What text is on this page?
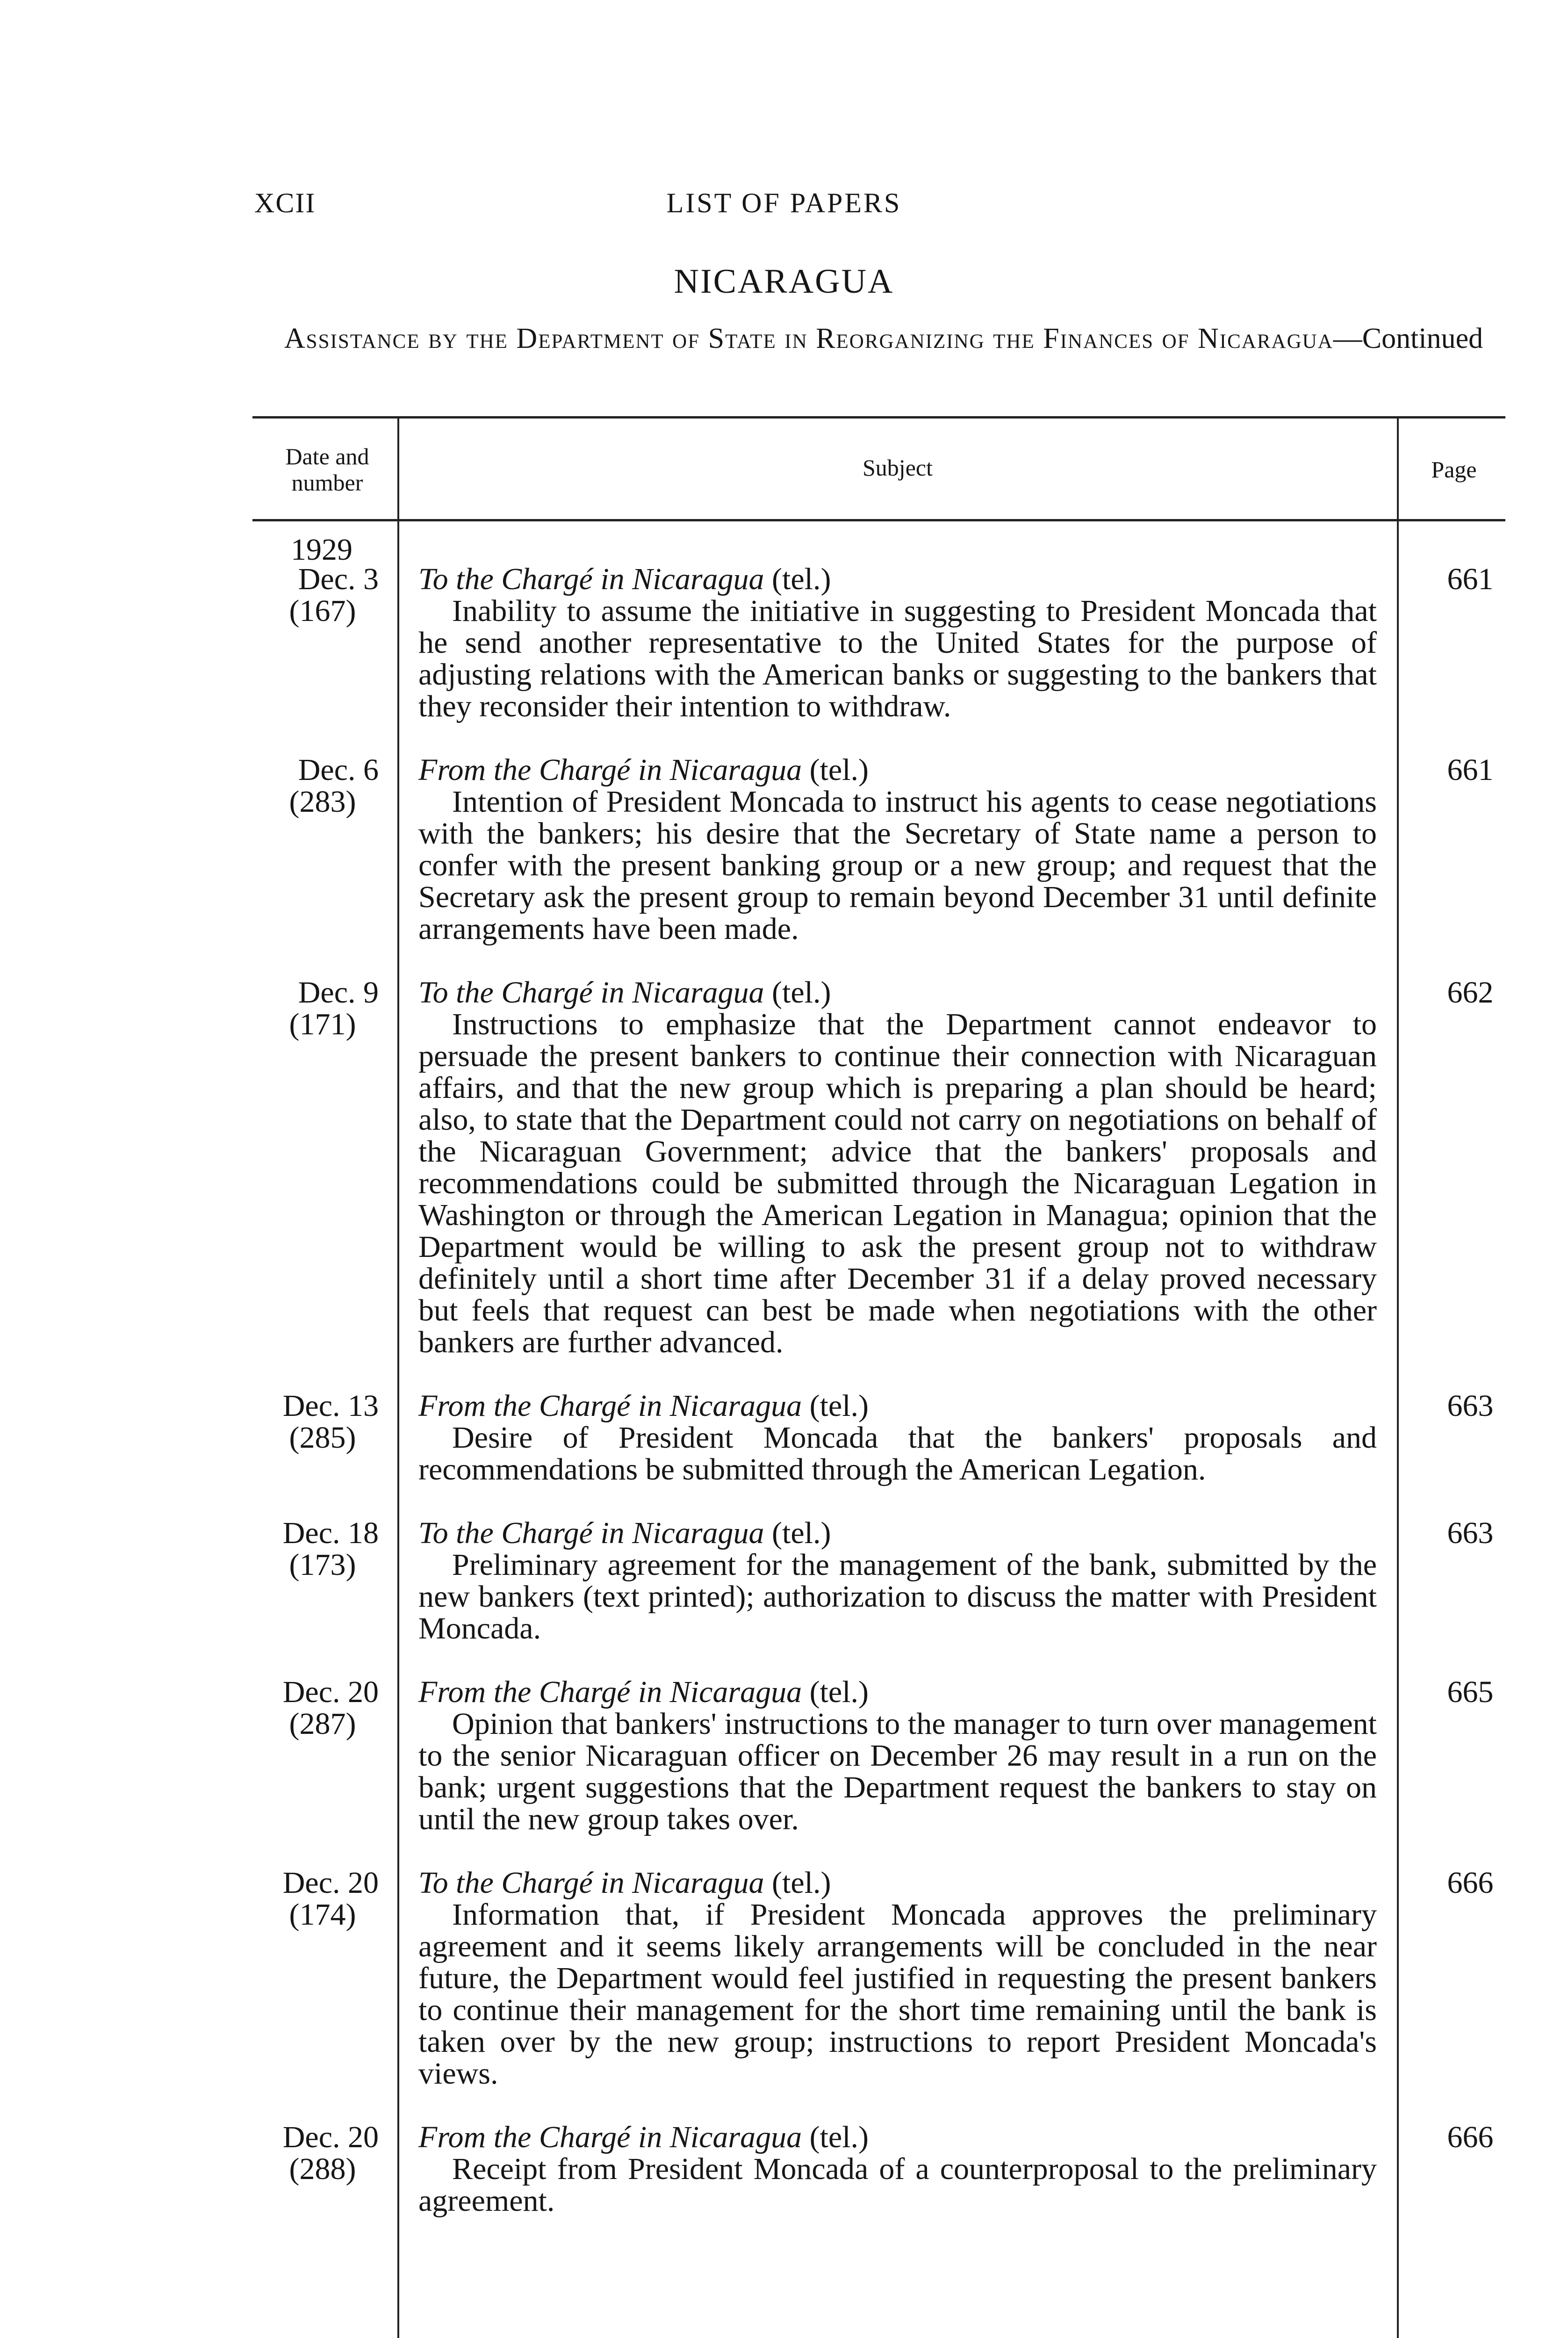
XCII	LIST OF PAPERS
NICARAGUA
Assistance by the Department of State in Reorganizing the Finances of Nicaragua—Continued
Date and number
Subject	Page
1929
Dec. 3
(167)
To the Chargé in Nicaragua (tel.)
Inability to assume the initiative in suggesting to President Moncada that he send another representative to the United States for the purpose of adjusting relations with the American banks or suggesting to the bankers that they reconsider their intention to withdraw.
661
Dec. 6
(283)
From the Chargé in Nicaragua (tel.)
Intention of President Moncada to instruct his agents to cease negotiations with the bankers; his desire that the Secretary of State name a person to confer with the present banking group or a new group; and request that the Secretary ask the present group to remain beyond December 31 until definite arrangements have been made.
661
Dec. 9
(171)
To the Chargé in Nicaragua (tel.)
Instructions to emphasize that the Department cannot endeavor to persuade the present bankers to continue their connection with Nicaraguan affairs, and that the new group which is preparing a plan should be heard; also, to state that the Department could not carry on negotiations on behalf of the Nicaraguan Government; advice that the bankers' proposals and recommendations could be submitted through the Nicaraguan Legation in Washington or through the American Legation in Managua; opinion that the Department would be willing to ask the present group not to withdraw definitely until a short time after December 31 if a delay proved necessary but feels that request can best be made when negotiations with the other bankers are further advanced.
662
Dec. 13
(285)
From the Chargé in Nicaragua (tel.)
Desire of President Moncada that the bankers' proposals and recommendations be submitted through the American Legation.
663
Dec. 18
(173)
To the Chargé in Nicaragua (tel.)
Preliminary agreement for the management of the bank, submitted by the new bankers (text printed); authorization to discuss the matter with President Moncada.
663
Dec. 20
(287)
From the Chargé in Nicaragua (tel.)
Opinion that bankers' instructions to the manager to turn over management to the senior Nicaraguan officer on December 26 may result in a run on the bank; urgent suggestions that the Department request the bankers to stay on until the new group takes over.
665
Dec. 20
(174)
To the Chargé in Nicaragua (tel.)
Information that, if President Moncada approves the preliminary agreement and it seems likely arrangements will be concluded in the near future, the Department would feel justified in requesting the present bankers to continue their management for the short time remaining until the bank is taken over by the new group; instructions to report President Moncada's views.
666
Dec. 20
(288)
From the Chargé in Nicaragua (tel.)
Receipt from President Moncada of a counterproposal to the preliminary agreement.
666
